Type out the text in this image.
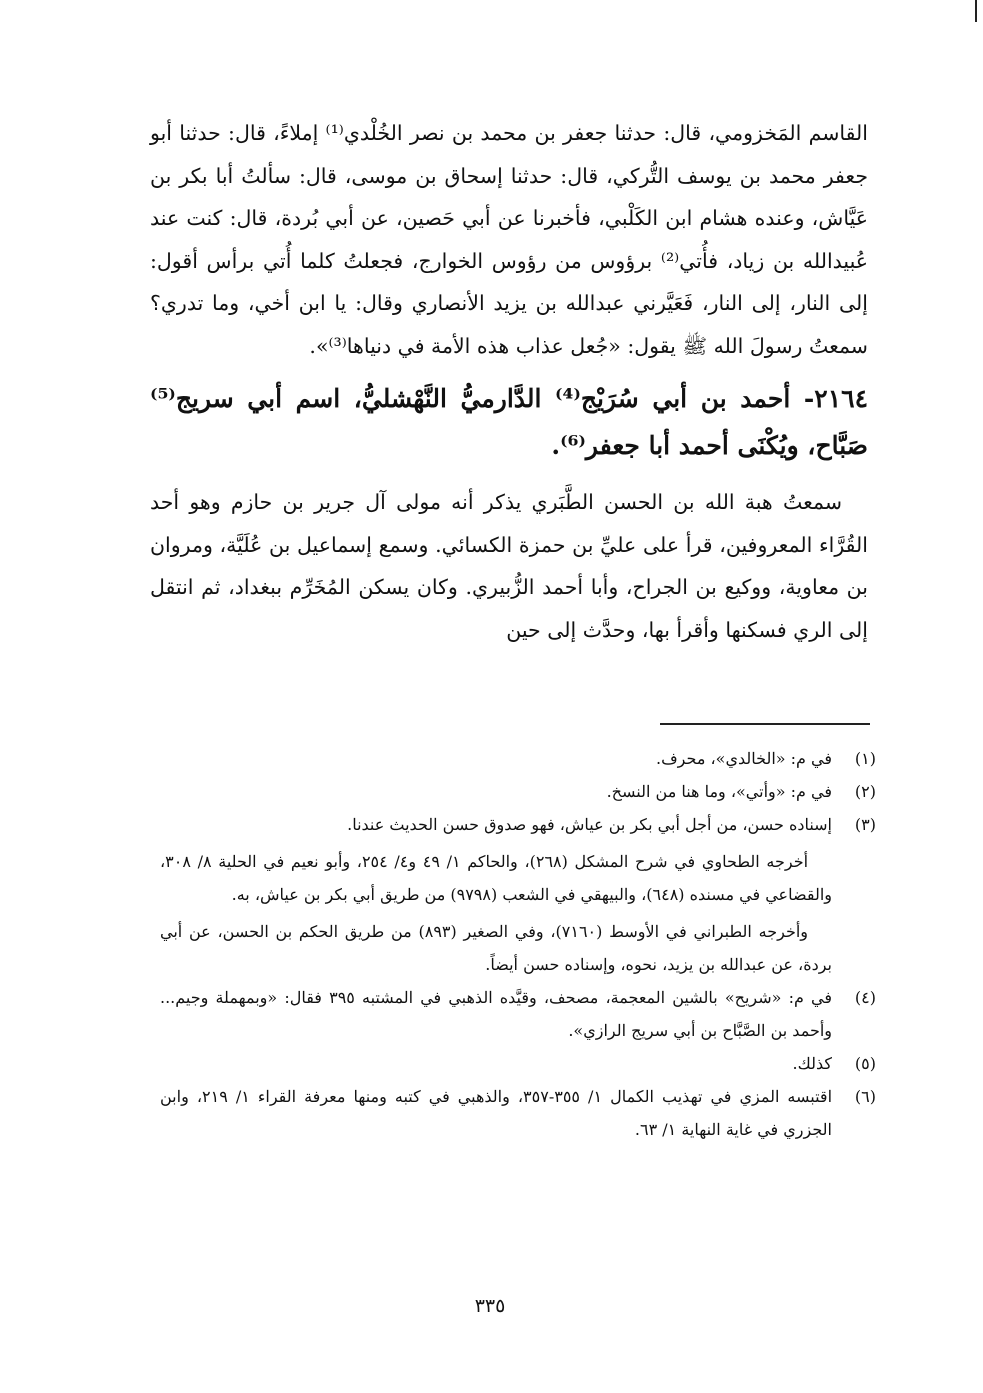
القاسم المَخزومي، قال: حدثنا جعفر بن محمد بن نصر الخُلْدي⁽¹⁾ إملاءً، قال: حدثنا أبو جعفر محمد بن يوسف التُّركي، قال: حدثنا إسحاق بن موسى، قال: سألتُ أبا بكر بن عَيَّاش، وعنده هشام ابن الكَلْبي، فأخبرنا عن أبي حَصين، عن أبي بُردة، قال: كنت عند عُبيدالله بن زياد، فأُتي⁽²⁾ برؤوس من رؤوس الخوارج، فجعلتُ كلما أُتي برأس أقول: إلى النار، إلى النار، فَعَيَّرني عبدالله بن يزيد الأنصاري وقال: يا ابن أخي، وما تدري؟ سمعتُ رسولَ الله ﷺ يقول: «جُعل عذاب هذه الأمة في دنياها⁽³⁾».

٢١٦٤- أحمد بن أبي سُرَيْج⁽⁴⁾ الدَّارميُّ النَّهْشليُّ، اسم أبي سريج⁽⁵⁾ صَبَّاح، ويُكْنَى أحمد أبا جعفر⁽⁶⁾.

سمعتُ هبة الله بن الحسن الطَّبَري يذكر أنه مولى آل جرير بن حازم وهو أحد القُرَّاء المعروفين، قرأ على عليِّ بن حمزة الكسائي. وسمع إسماعيل بن عُلَيَّة، ومروان بن معاوية، ووكيع بن الجراح، وأبا أحمد الزُّبيري. وكان يسكن المُخَرِّم ببغداد، ثم انتقل إلى الري فسكنها وأقرأ بها، وحدَّث إلى حين

(١)

في م: «الخالدي»، محرف.

(٢)

في م: «وأتي»، وما هنا من النسخ.

(٣)

إسناده حسن، من أجل أبي بكر بن عياش، فهو صدوق حسن الحديث عندنا.

أخرجه الطحاوي في شرح المشكل (٢٦٨)، والحاكم ١/ ٤٩ و٤/ ٢٥٤، وأبو نعيم في الحلية ٨/ ٣٠٨، والقضاعي في مسنده (٦٤٨)، والبيهقي في الشعب (٩٧٩٨) من طريق أبي بكر بن عياش، به.

وأخرجه الطبراني في الأوسط (٧١٦٠)، وفي الصغير (٨٩٣) من طريق الحكم بن الحسن، عن أبي بردة، عن عبدالله بن يزيد، نحوه، وإسناده حسن أيضاً.

(٤)

في م: «شريح» بالشين المعجمة، مصحف، وقيَّده الذهبي في المشتبه ٣٩٥ فقال: «وبمهملة وجيم... وأحمد بن الصَّبَّاح بن أبي سريج الرازي».

(٥)

كذلك.

(٦)

اقتبسه المزي في تهذيب الكمال ١/ ٣٥٥-٣٥٧، والذهبي في كتبه ومنها معرفة القراء ١/ ٢١٩، وابن الجزري في غاية النهاية ١/ ٦٣.

٣٣٥
